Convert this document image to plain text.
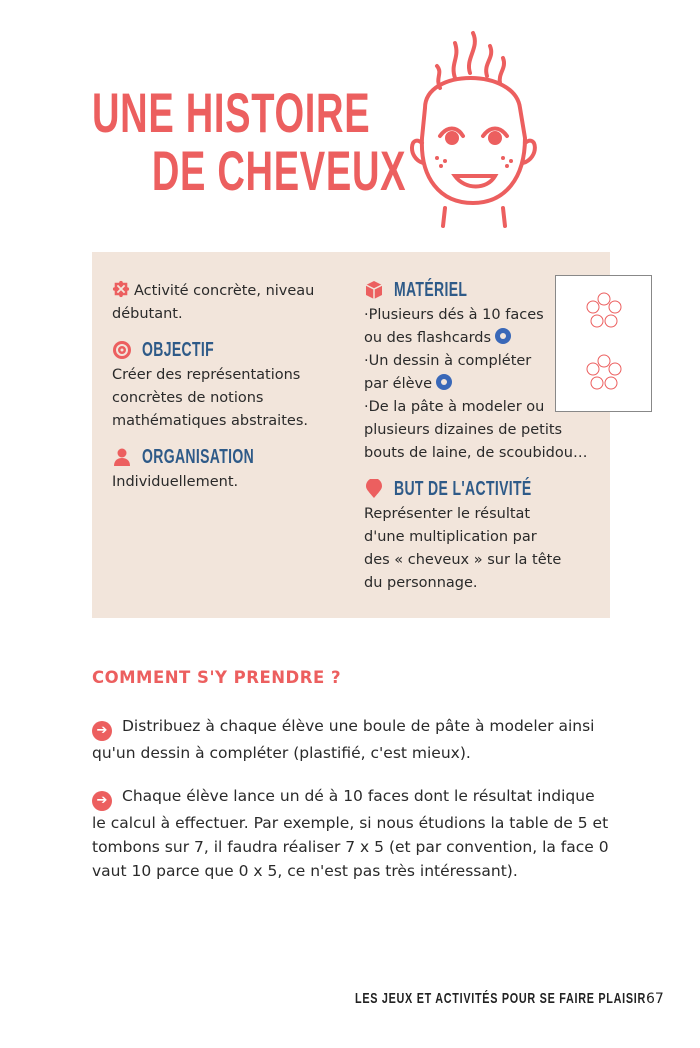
UNE HISTOIRE
DE CHEVEUX
Activité concrète, niveau débutant.
OBJECTIF
Créer des représentations concrètes de notions mathématiques abstraites.
ORGANISATION
Individuellement.
MATÉRIEL
·Plusieurs dés à 10 faces ou des flashcards
·Un dessin à compléter par élève
·De la pâte à modeler ou plusieurs dizaines de petits bouts de laine, de scoubidou…
BUT DE L'ACTIVITÉ
Représenter le résultat d'une multiplication par des « cheveux » sur la tête du personnage.
COMMENT S'Y PRENDRE ?
➔ Distribuez à chaque élève une boule de pâte à modeler ainsi qu'un dessin à compléter (plastifié, c'est mieux).
➔ Chaque élève lance un dé à 10 faces dont le résultat indique le calcul à effectuer. Par exemple, si nous étudions la table de 5 et tombons sur 7, il faudra réaliser 7 x 5 (et par convention, la face 0 vaut 10 parce que 0 x 5, ce n'est pas très intéressant).
LES JEUX ET ACTIVITÉS POUR SE FAIRE PLAISIR 67
